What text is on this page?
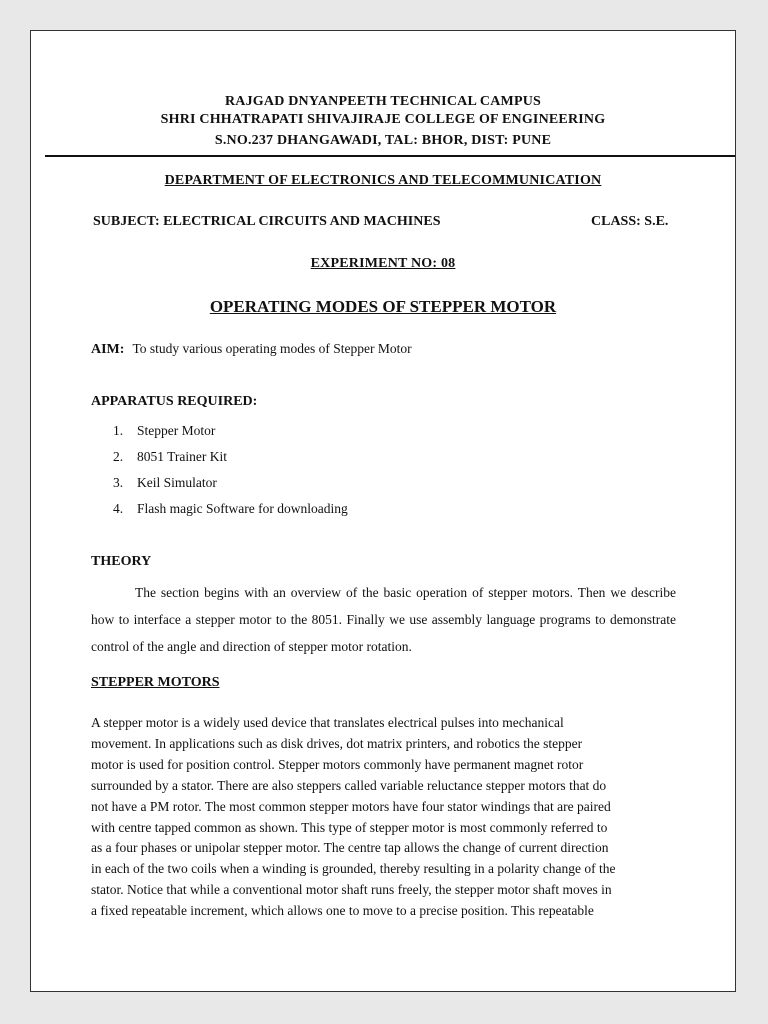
RAJGAD DNYANPEETH TECHNICAL CAMPUS
SHRI CHHATRAPATI SHIVAJIRAJE COLLEGE OF ENGINEERING
S.NO.237 DHANGAWADI, TAL: BHOR, DIST: PUNE
DEPARTMENT OF ELECTRONICS AND TELECOMMUNICATION
SUBJECT: ELECTRICAL CIRCUITS AND MACHINES	CLASS: S.E.
EXPERIMENT NO: 08
OPERATING MODES OF STEPPER MOTOR
AIM: To study various operating modes of Stepper Motor
APPARATUS REQUIRED:
1. Stepper Motor
2. 8051 Trainer Kit
3. Keil Simulator
4. Flash magic Software for downloading
THEORY

The section begins with an overview of the basic operation of stepper motors. Then we describe how to interface a stepper motor to the 8051. Finally we use assembly language programs to demonstrate control of the angle and direction of stepper motor rotation.

STEPPER MOTORS
A stepper motor is a widely used device that translates electrical pulses into mechanical
movement. In applications such as disk drives, dot matrix printers, and robotics the stepper
motor is used for position control. Stepper motors commonly have permanent magnet rotor
surrounded by a stator. There are also steppers called variable reluctance stepper motors that do
not have a PM rotor. The most common stepper motors have four stator windings that are paired
with centre tapped common as shown. This type of stepper motor is most commonly referred to
as a four phases or unipolar stepper motor. The centre tap allows the change of current direction
in each of the two coils when a winding is grounded, thereby resulting in a polarity change of the
stator. Notice that while a conventional motor shaft runs freely, the stepper motor shaft moves in
a fixed repeatable increment, which allows one to move to a precise position. This repeatable
